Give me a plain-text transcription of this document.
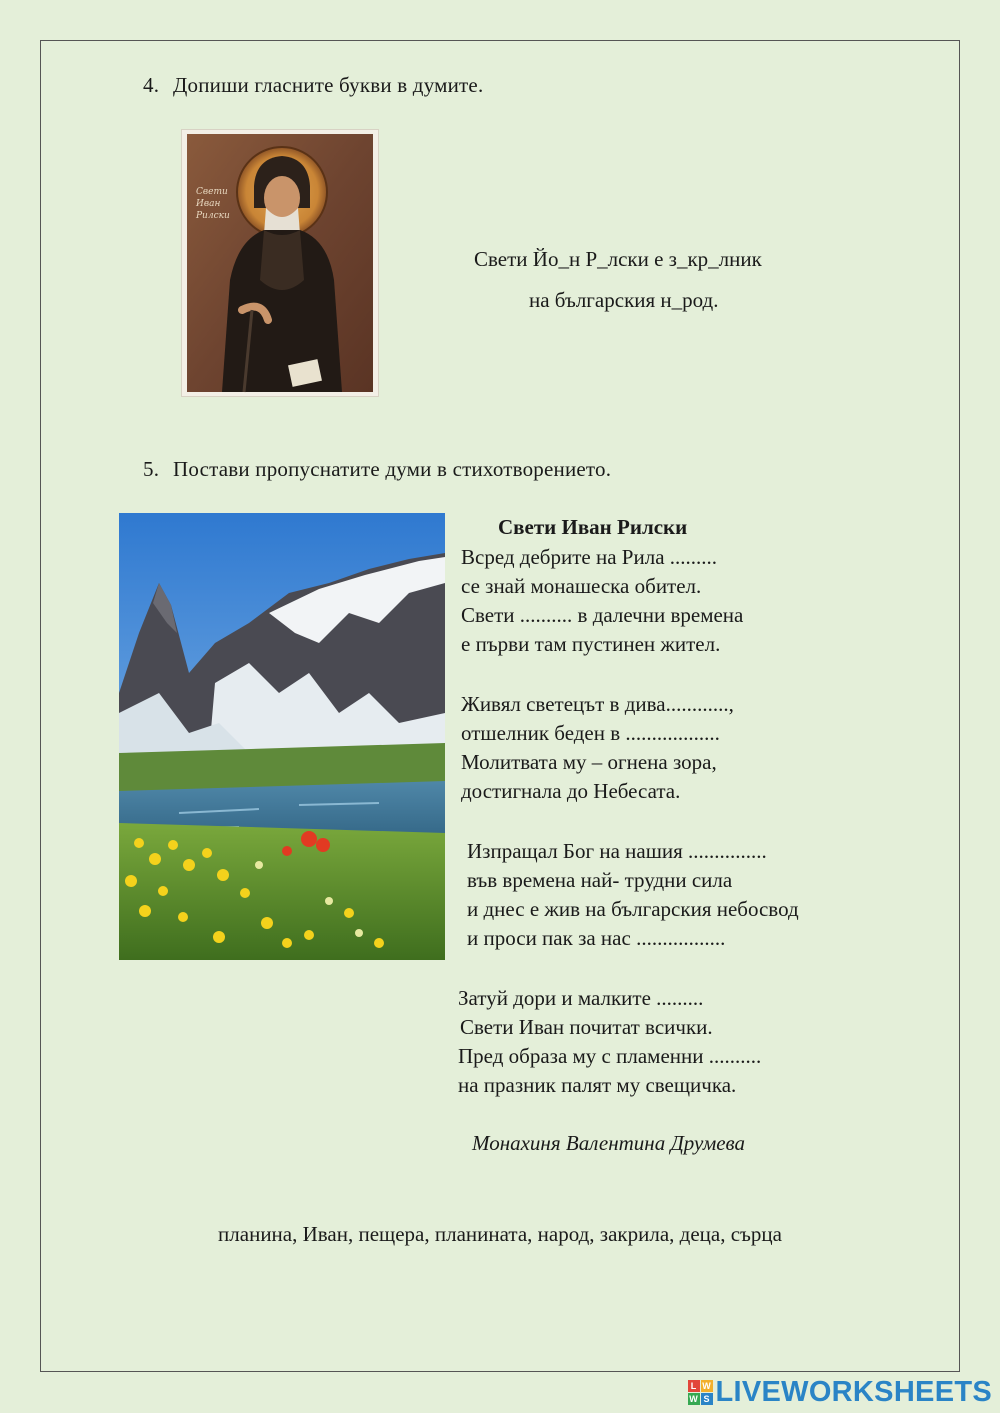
4. Допиши гласните букви в думите.
Свети
Иван
Рилски
Свети Йо_н Р_лски е з_кр_лник
на българския н_род.
5. Постави пропуснатите думи в стихотворението.
Свети Иван Рилски
Всред дебрите на Рила .........
се знай монашеска обител.
Свети .......... в далечни времена
е първи там пустинен жител.
Живял светецът в дива............,
отшелник беден в ..................
Молитвата му – огнена зора,
достигнала до Небесата.
Изпращал Бог на нашия ...............
във времена най- трудни сила
и днес е жив на българския небосвод
и проси пак за нас .................
Затуй дори и малките .........
Свети Иван почитат всички.
Пред образа му с пламенни ..........
на празник палят му свещичка.
Монахиня Валентина Друмева
планина, Иван, пещера, планината, народ, закрила, деца, сърца
L W
W S LIVEWORKSHEETS
